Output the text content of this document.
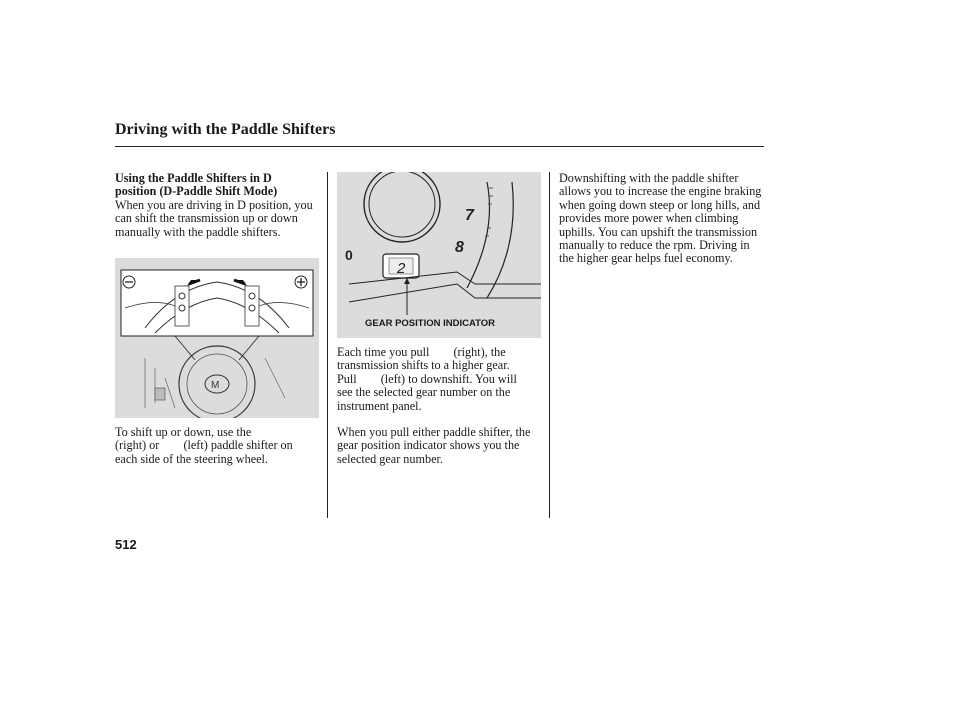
Driving with the Paddle Shifters
Using the Paddle Shifters in D
position (D-Paddle Shift Mode)

When you are driving in D position, you can shift the transmission up or down manually with the paddle shifters.

M
To shift up or down, use the
(right) or (left) paddle shifter on
each side of the steering wheel.
7
8
0
2
GEAR POSITION INDICATOR
Each time you pull (right), the
transmission shifts to a higher gear.
Pull (left) to downshift. You will
see the selected gear number on the
instrument panel.

When you pull either paddle shifter, the gear position indicator shows you the selected gear number.

Downshifting with the paddle shifter allows you to increase the engine braking when going down steep or long hills, and provides more power when climbing uphills. You can upshift the transmission manually to reduce the rpm. Driving in the higher gear helps fuel economy.

512
